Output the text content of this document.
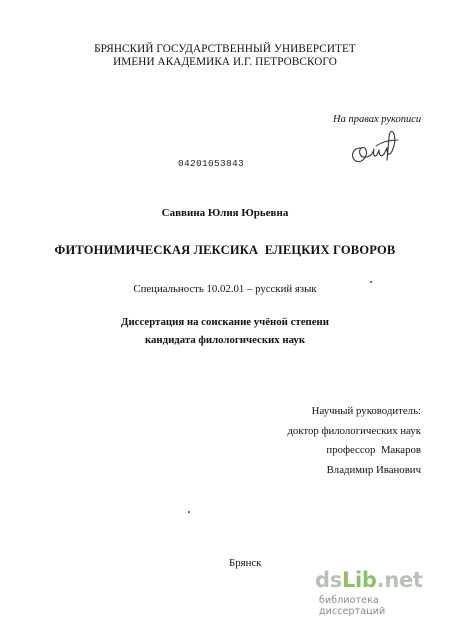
БРЯНСКИЙ ГОСУДАРСТВЕННЫЙ УНИВЕРСИТЕТ
ИМЕНИ АКАДЕМИКА И.Г. ПЕТРОВСКОГО
На правах рукописи
04201053843
Саввина Юлия Юрьевна
ФИТОНИМИЧЕСКАЯ ЛЕКСИКА  ЕЛЕЦКИХ ГОВОРОВ
Специальность 10.02.01 – русский язык
Диссертация на соискание учёной степени
кандидата филологических наук
Научный руководитель:
доктор филологических наук
профессор  Макаров
Владимир Иванович
Брянск
dsLib.net
библиотека диссертаций
